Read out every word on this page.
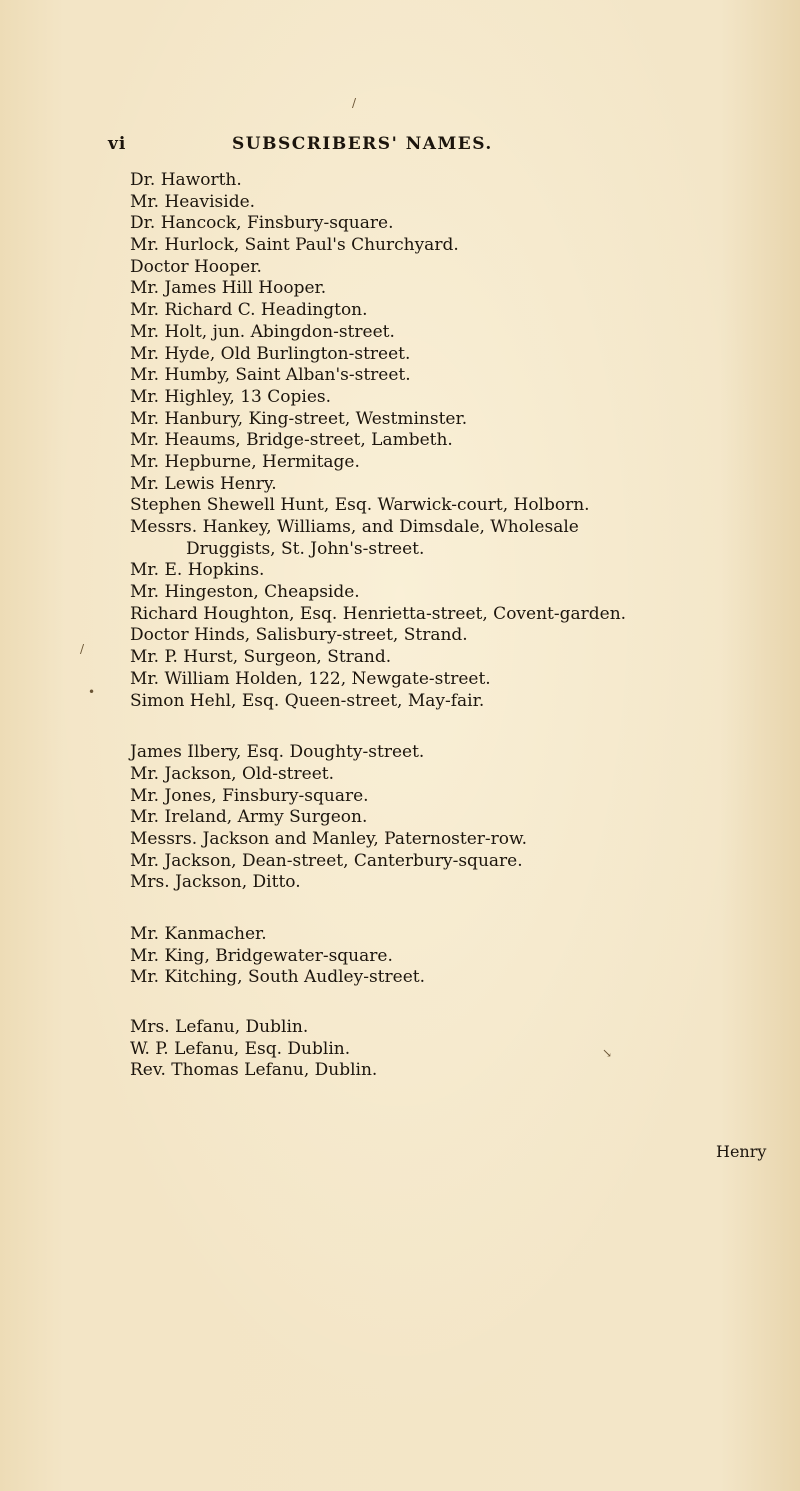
vi	SUBSCRIBERS' NAMES.
Dr. Haworth.
Mr. Heaviside.
Dr. Hancock, Finsbury-square.
Mr. Hurlock, Saint Paul's Churchyard.
Doctor Hooper.
Mr. James Hill Hooper.
Mr. Richard C. Headington.
Mr. Holt, jun. Abingdon-street.
Mr. Hyde, Old Burlington-street.
Mr. Humby, Saint Alban's-street.
Mr. Highley, 13 Copies.
Mr. Hanbury, King-street, Westminster.
Mr. Heaums, Bridge-street, Lambeth.
Mr. Hepburne, Hermitage.
Mr. Lewis Henry.
Stephen Shewell Hunt, Esq. Warwick-court, Holborn.
Messrs. Hankey, Williams, and Dimsdale, Wholesale
Druggists, St. John's-street.
Mr. E. Hopkins.
Mr. Hingeston, Cheapside.
Richard Houghton, Esq. Henrietta-street, Covent-garden.
Doctor Hinds, Salisbury-street, Strand.
Mr. P. Hurst, Surgeon, Strand.
Mr. William Holden, 122, Newgate-street.
Simon Hehl, Esq. Queen-street, May-fair.
James Ilbery, Esq. Doughty-street.
Mr. Jackson, Old-street.
Mr. Jones, Finsbury-square.
Mr. Ireland, Army Surgeon.
Messrs. Jackson and Manley, Paternoster-row.
Mr. Jackson, Dean-street, Canterbury-square.
Mrs. Jackson, Ditto.
Mr. Kanmacher.
Mr. King, Bridgewater-square.
Mr. Kitching, South Audley-street.
Mrs. Lefanu, Dublin.
W. P. Lefanu, Esq. Dublin.
Rev. Thomas Lefanu, Dublin.
Henry
/
•
/
↘
